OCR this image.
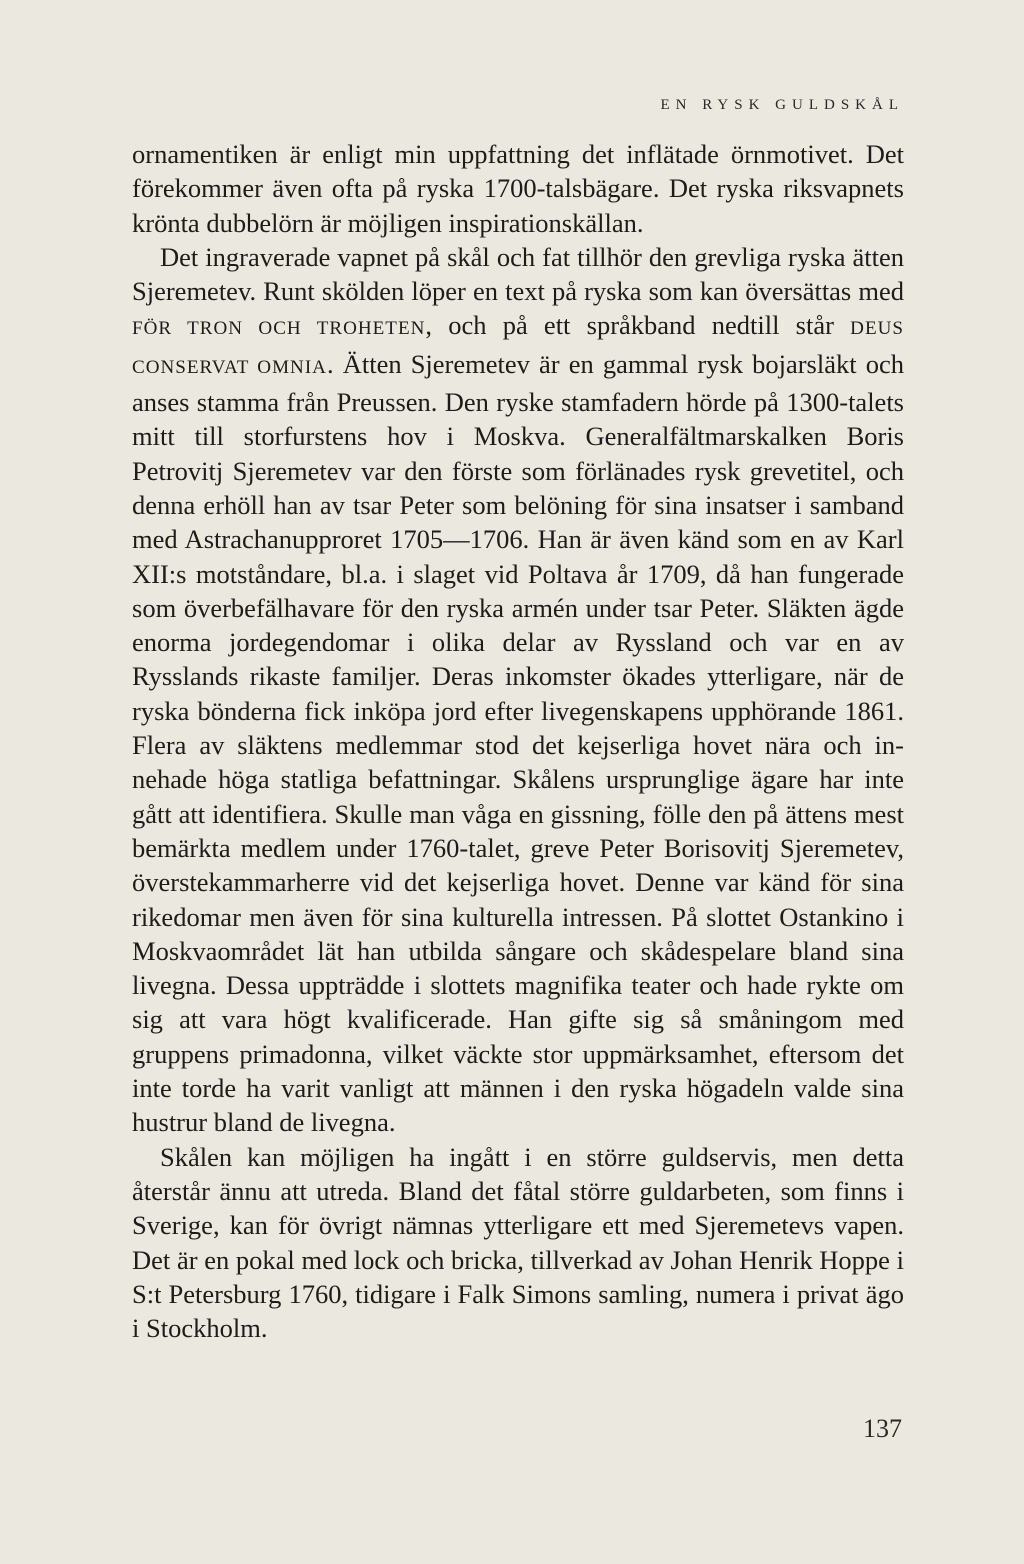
EN RYSK GULDSKÅL

ornamentiken är enligt min uppfattning det inflätade örnmotivet. Det förekommer även ofta på ryska 1700-talsbägare. Det ryska riksvapnets krönta dubbelörn är möjligen inspirationskällan.

Det ingraverade vapnet på skål och fat tillhör den grevliga ryska ätten Sjeremetev. Runt skölden löper en text på ryska som kan översättas med FÖR TRON OCH TROHETEN, och på ett språkband nedtill står DEUS CONSERVAT OMNIA. Ätten Sjeremetev är en gammal rysk bojarsläkt och anses stamma från Preussen. Den ryske stamfadern hörde på 1300-talets mitt till storfurstens hov i Moskva. Generalfältmarskalken Boris Petrovitj Sjeremetev var den förste som förlänades rysk grevetitel, och denna erhöll han av tsar Peter som belöning för sina insatser i samband med Astrachanupproret 1705—1706. Han är även känd som en av Karl XII:s motståndare, bl.a. i slaget vid Poltava år 1709, då han fungerade som överbefälhavare för den ryska armén under tsar Peter. Släkten ägde enorma jordegendomar i olika delar av Ryssland och var en av Rysslands rikaste familjer. Deras inkomster ökades ytterligare, när de ryska bönderna fick inköpa jord efter livegenskapens upphörande 1861. Flera av släktens medlemmar stod det kejserliga hovet nära och innehade höga statliga befattningar. Skålens ursprunglige ägare har inte gått att identifiera. Skulle man våga en gissning, fölle den på ättens mest bemärkta medlem under 1760-talet, greve Peter Borisovitj Sjeremetev, överstekammarherre vid det kejserliga hovet. Denne var känd för sina rikedomar men även för sina kulturella intressen. På slottet Ostankino i Moskvaområdet lät han utbilda sångare och skådespelare bland sina livegna. Dessa uppträdde i slottets magnifika teater och hade rykte om sig att vara högt kvalificerade. Han gifte sig så småningom med gruppens primadonna, vilket väckte stor uppmärksamhet, eftersom det inte torde ha varit vanligt att männen i den ryska högadeln valde sina hustrur bland de livegna.

Skålen kan möjligen ha ingått i en större guldservis, men detta återstår ännu att utreda. Bland det fåtal större guldarbeten, som finns i Sverige, kan för övrigt nämnas ytterligare ett med Sjeremetevs vapen. Det är en pokal med lock och bricka, tillverkad av Johan Henrik Hoppe i S:t Petersburg 1760, tidigare i Falk Simons samling, numera i privat ägo i Stockholm.

137
